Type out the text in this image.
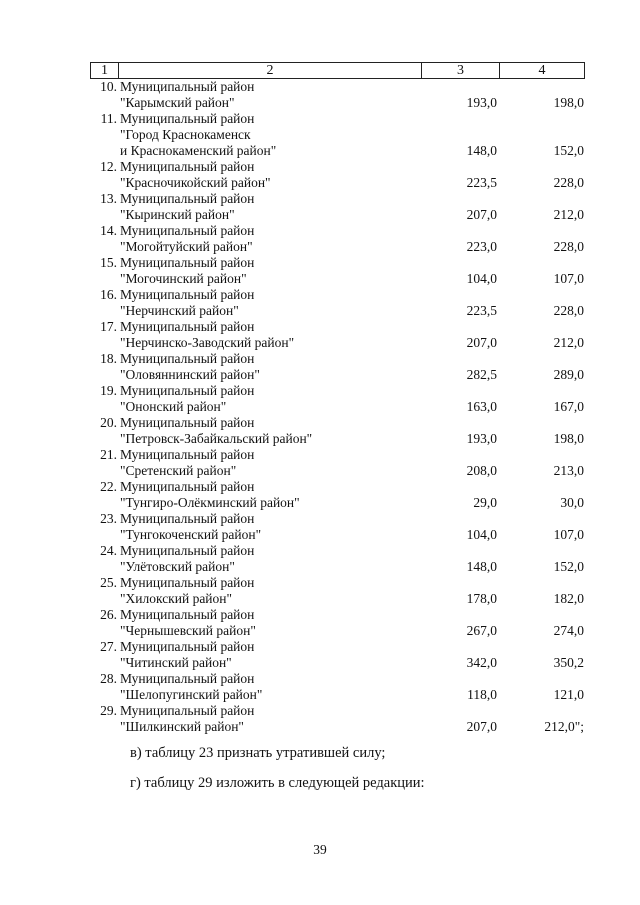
1	2	3	4
10. Муниципальный район
"Карымский район"	193,0	198,0
11. Муниципальный район
"Город Краснокаменск
и Краснокаменский район"	148,0	152,0
12. Муниципальный район
"Красночикойский район"	223,5	228,0
13. Муниципальный район
"Кыринский район"	207,0	212,0
14. Муниципальный район
"Могойтуйский район"	223,0	228,0
15. Муниципальный район
"Могочинский район"	104,0	107,0
16. Муниципальный район
"Нерчинский район"	223,5	228,0
17. Муниципальный район
"Нерчинско-Заводский район"	207,0	212,0
18. Муниципальный район
"Оловяннинский район"	282,5	289,0
19. Муниципальный район
"Ононский район"	163,0	167,0
20. Муниципальный район
"Петровск-Забайкальский район"	193,0	198,0
21. Муниципальный район
"Сретенский район"	208,0	213,0
22. Муниципальный район
"Тунгиро-Олёкминский район"	29,0	30,0
23. Муниципальный район
"Тунгокоченский район"	104,0	107,0
24. Муниципальный район
"Улётовский район"	148,0	152,0
25. Муниципальный район
"Хилокский район"	178,0	182,0
26. Муниципальный район
"Чернышевский район"	267,0	274,0
27. Муниципальный район
"Читинский район"	342,0	350,2
28. Муниципальный район
"Шелопугинский район"	118,0	121,0
29. Муниципальный район
"Шилкинский район"	207,0	212,0";
в) таблицу 23 признать утратившей силу;
г) таблицу 29 изложить в следующей редакции:
39
